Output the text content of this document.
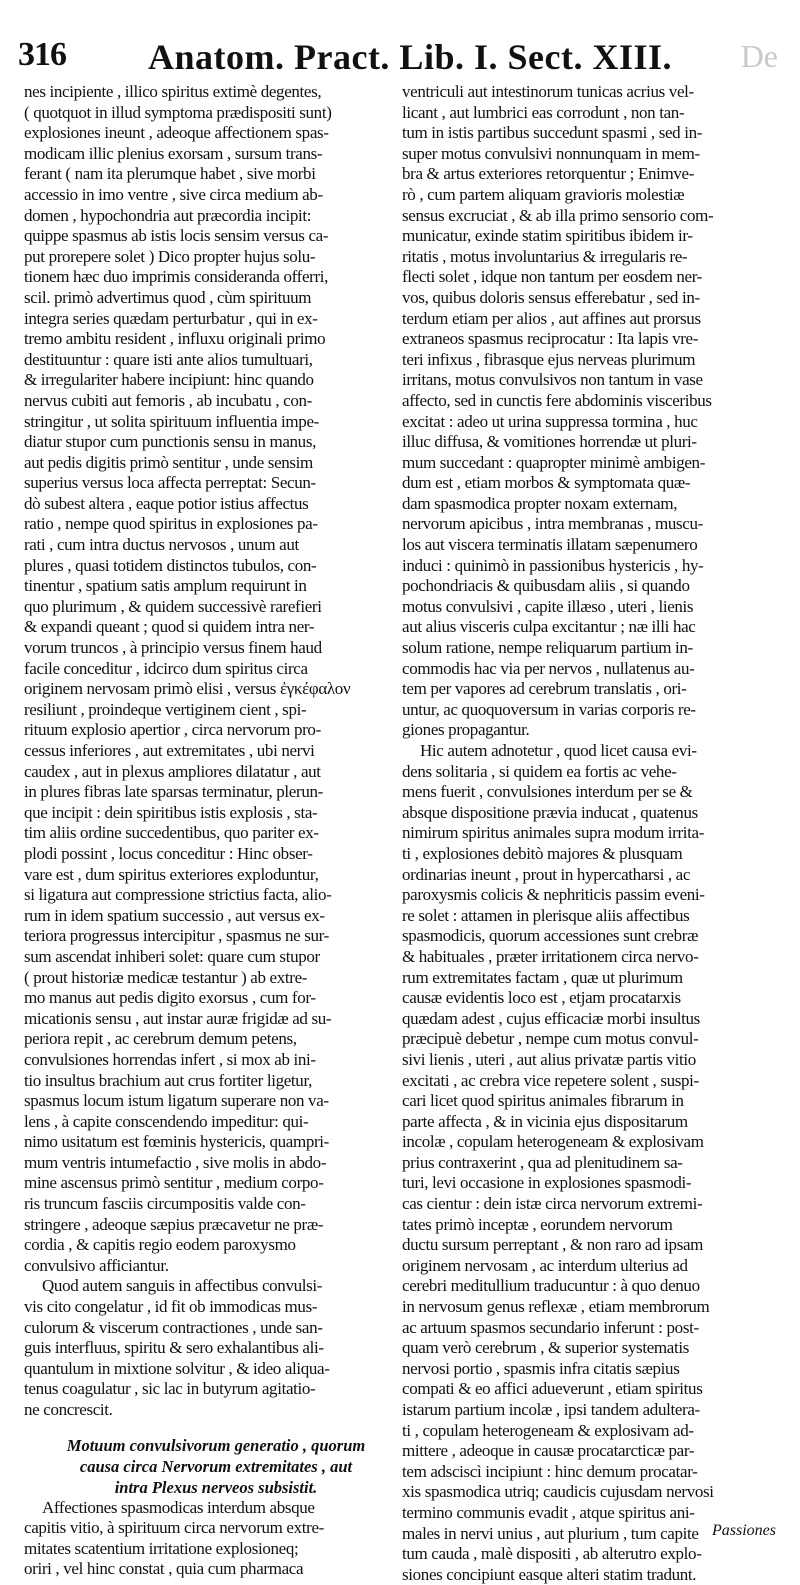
316 Anatom. Pract. Lib. I. Sect. XIII. De
nes incipiente , illico spiritus extimè degentes,
( quotquot in illud symptoma prædispositi sunt)
explosiones ineunt , adeoque affectionem spas-
modicam illic plenius exorsam , sursum trans-
ferant ( nam ita plerumque habet , sive morbi
accessio in imo ventre , sive circa medium ab-
domen , hypochondria aut præcordia incipit:
quippe spasmus ab istis locis sensim versus ca-
put prorepere solet ) Dico propter hujus solu-
tionem hæc duo imprimis consideranda offerri,
scil. primò advertimus quod , cùm spirituum
integra series quædam perturbatur , qui in ex-
tremo ambitu resident , influxu originali primo
destituuntur : quare isti ante alios tumultuari,
& irregulariter habere incipiunt: hinc quando
nervus cubiti aut femoris , ab incubatu , con-
stringitur , ut solita spirituum influentia impe-
diatur stupor cum punctionis sensu in manus,
aut pedis digitis primò sentitur , unde sensim
superius versus loca affecta perreptat: Secun-
dò subest altera , eaque potior istius affectus
ratio , nempe quod spiritus in explosiones pa-
rati , cum intra ductus nervosos , unum aut
plures , quasi totidem distinctos tubulos, con-
tinentur , spatium satis amplum requirunt in
quo plurimum , & quidem successivè rarefieri
& expandi queant ; quod si quidem intra ner-
vorum truncos , à principio versus finem haud
facile conceditur , idcirco dum spiritus circa
originem nervosam primò elisi , versus ἐγκέφαλον
resiliunt , proindeque vertiginem cient , spi-
rituum explosio apertior , circa nervorum pro-
cessus inferiores , aut extremitates , ubi nervi
caudex , aut in plexus ampliores dilatatur , aut
in plures fibras late sparsas terminatur, plerun-
que incipit : dein spiritibus istis explosis , sta-
tim aliis ordine succedentibus, quo pariter ex-
plodi possint , locus conceditur : Hinc obser-
vare est , dum spiritus exteriores exploduntur,
si ligatura aut compressione strictius facta, alio-
rum in idem spatium successio , aut versus ex-
teriora progressus intercipitur , spasmus ne sur-
sum ascendat inhiberi solet: quare cum stupor
( prout historiæ medicæ testantur ) ab extre-
mo manus aut pedis digito exorsus , cum for-
micationis sensu , aut instar auræ frigidæ ad su-
periora repit , ac cerebrum demum petens,
convulsiones horrendas infert , si mox ab ini-
tio insultus brachium aut crus fortiter ligetur,
spasmus locum istum ligatum superare non va-
lens , à capite conscendendo impeditur: qui-
nimo usitatum est fœminis hystericis, quampri-
mum ventris intumefactio , sive molis in abdo-
mine ascensus primò sentitur , medium corpo-
ris truncum fasciis circumpositis valde con-
stringere , adeoque sæpius præcavetur ne præ-
cordia , & capitis regio eodem paroxysmo
convulsivo afficiantur.
Quod autem sanguis in affectibus convulsi-
vis cito congelatur , id fit ob immodicas mus-
culorum & viscerum contractiones , unde san-
guis interfluus, spiritu & sero exhalantibus ali-
quantulum in mixtione solvitur , & ideo aliqua-
tenus coagulatur , sic lac in butyrum agitatio-
ne concrescit.
Motuum convulsivorum generatio , quorum
causa circa Nervorum extremitates , aut
intra Plexus nerveos subsistit.
Affectiones spasmodicas interdum absque
capitis vitio, à spirituum circa nervorum extre-
mitates scatentium irritatione explosioneq;
oriri , vel hinc constat , quia cum pharmaca
ventriculi aut intestinorum tunicas acrius vel-
licant , aut lumbrici eas corrodunt , non tan-
tum in istis partibus succedunt spasmi , sed in-
super motus convulsivi nonnunquam in mem-
bra & artus exteriores retorquentur ; Enimve-
rò , cum partem aliquam gravioris molestiæ
sensus excruciat , & ab illa primo sensorio com-
municatur, exinde statim spiritibus ibidem ir-
ritatis , motus involuntarius & irregularis re-
flecti solet , idque non tantum per eosdem ner-
vos, quibus doloris sensus efferebatur , sed in-
terdum etiam per alios , aut affines aut prorsus
extraneos spasmus reciprocatur : Ita lapis vre-
teri infixus , fibrasque ejus nerveas plurimum
irritans, motus convulsivos non tantum in vase
affecto, sed in cunctis fere abdominis visceribus
excitat : adeo ut urina suppressa tormina , huc
illuc diffusa, & vomitiones horrendæ ut pluri-
mum succedant : quapropter minimè ambigen-
dum est , etiam morbos & symptomata quæ-
dam spasmodica propter noxam externam,
nervorum apicibus , intra membranas , muscu-
los aut viscera terminatis illatam sæpenumero
induci : quinimò in passionibus hystericis , hy-
pochondriacis & quibusdam aliis , si quando
motus convulsivi , capite illæso , uteri , lienis
aut alius visceris culpa excitantur ; næ illi hac
solum ratione, nempe reliquarum partium in-
commodis hac via per nervos , nullatenus au-
tem per vapores ad cerebrum translatis , ori-
untur, ac quoquoversum in varias corporis re-
giones propagantur.
Hic autem adnotetur , quod licet causa evi-
dens solitaria , si quidem ea fortis ac vehe-
mens fuerit , convulsiones interdum per se &
absque dispositione prævia inducat , quatenus
nimirum spiritus animales supra modum irrita-
ti , explosiones debitò majores & plusquam
ordinarias ineunt , prout in hypercatharsi , ac
paroxysmis colicis & nephriticis passim eveni-
re solet : attamen in plerisque aliis affectibus
spasmodicis, quorum accessiones sunt crebræ
& habituales , præter irritationem circa nervo-
rum extremitates factam , quæ ut plurimum
causæ evidentis loco est , etjam procatarxis
quædam adest , cujus efficaciæ morbi insultus
præcipuè debetur , nempe cum motus convul-
sivi lienis , uteri , aut alius privatæ partis vitio
excitati , ac crebra vice repetere solent , suspi-
cari licet quod spiritus animales fibrarum in
parte affecta , & in vicinia ejus dispositarum
incolæ , copulam heterogeneam & explosivam
prius contraxerint , qua ad plenitudinem sa-
turi, levi occasione in explosiones spasmodi-
cas cientur : dein istæ circa nervorum extremi-
tates primò inceptæ , eorundem nervorum
ductu sursum perreptant , & non raro ad ipsam
originem nervosam , ac interdum ulterius ad
cerebri meditullium traducuntur : à quo denuo
in nervosum genus reflexæ , etiam membrorum
ac artuum spasmos secundario inferunt : post-
quam verò cerebrum , & superior systematis
nervosi portio , spasmis infra citatis sæpius
compati & eo affici adueverunt , etiam spiritus
istarum partium incolæ , ipsi tandem adultera-
ti , copulam heterogeneam & explosivam ad-
mittere , adeoque in causæ procatarcticæ par-
tem adsciscì incipiunt : hinc demum procatar-
xis spasmodica utriq; caudicis cujusdam nervosi
termino communis evadit , atque spiritus ani-
males in nervi unius , aut plurium , tum capite
tum cauda , malè dispositi , ab alterutro explo-
siones concipiunt easque alteri statim tradunt.
Passiones
